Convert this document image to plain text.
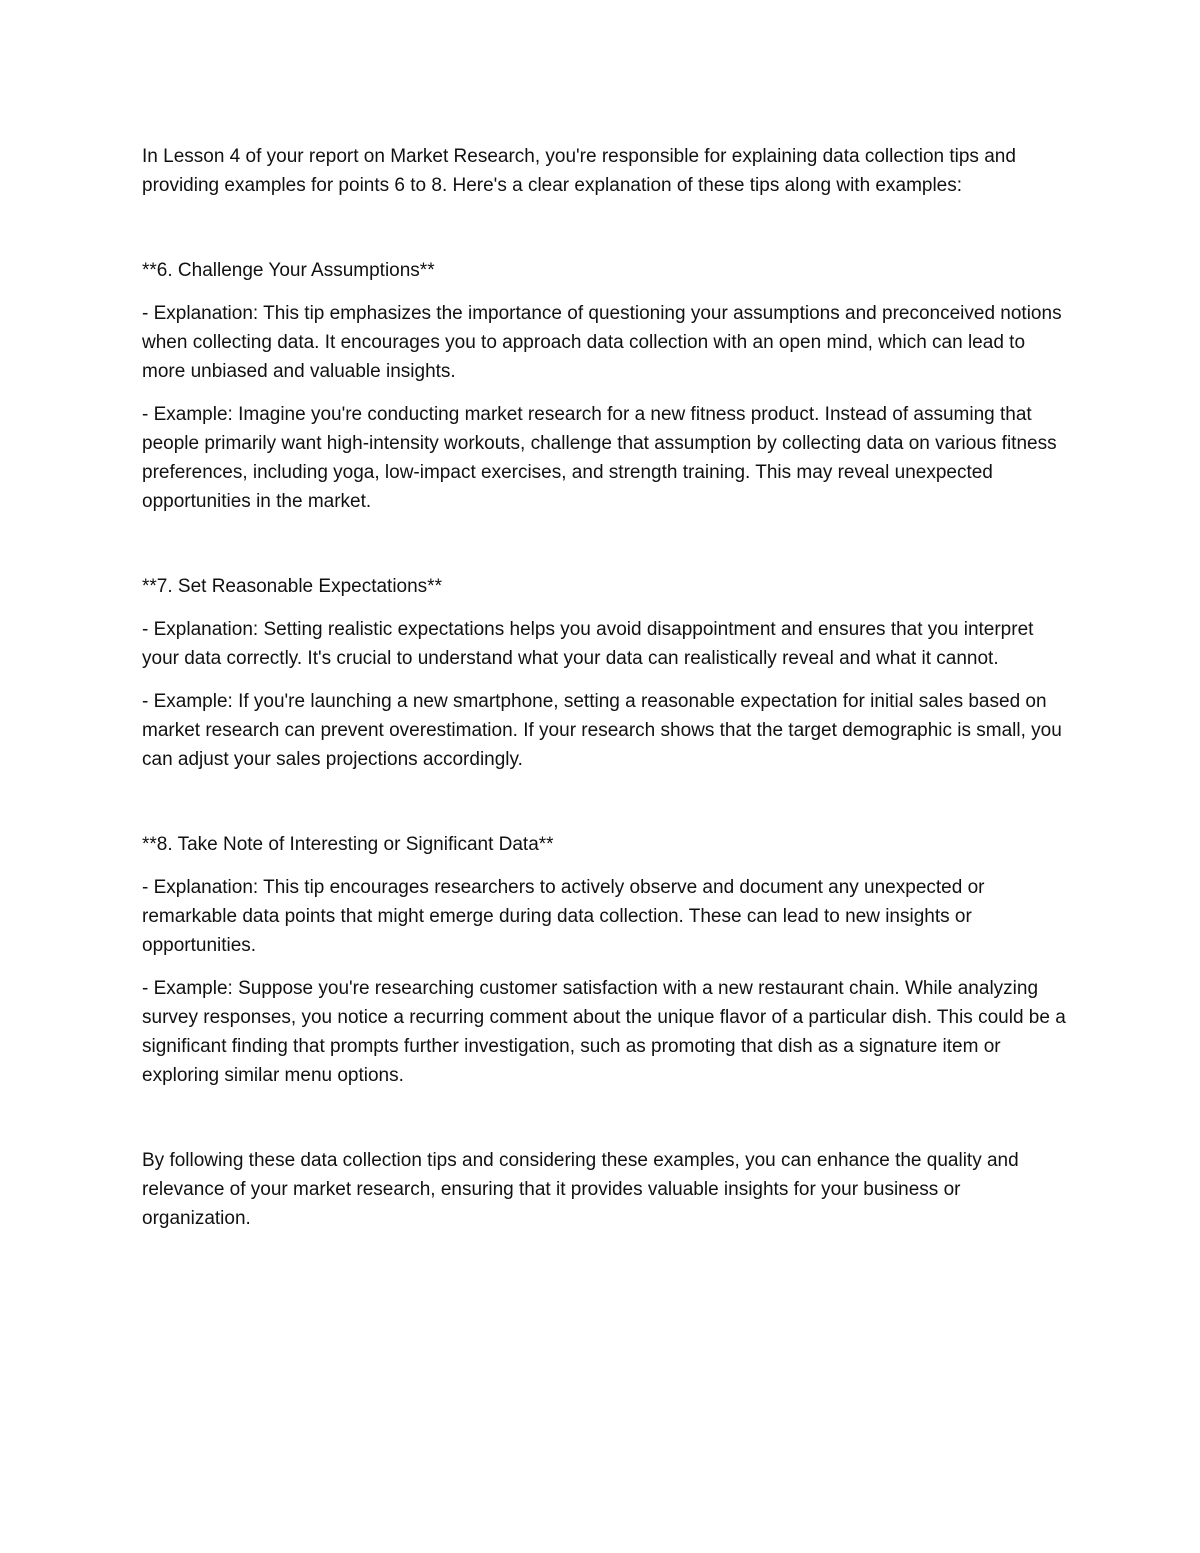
In Lesson 4 of your report on Market Research, you're responsible for explaining data collection tips and providing examples for points 6 to 8. Here's a clear explanation of these tips along with examples:

**6. Challenge Your Assumptions**

- Explanation: This tip emphasizes the importance of questioning your assumptions and preconceived notions when collecting data. It encourages you to approach data collection with an open mind, which can lead to more unbiased and valuable insights.

- Example: Imagine you're conducting market research for a new fitness product. Instead of assuming that people primarily want high-intensity workouts, challenge that assumption by collecting data on various fitness preferences, including yoga, low-impact exercises, and strength training. This may reveal unexpected opportunities in the market.

**7. Set Reasonable Expectations**

- Explanation: Setting realistic expectations helps you avoid disappointment and ensures that you interpret your data correctly. It's crucial to understand what your data can realistically reveal and what it cannot.

- Example: If you're launching a new smartphone, setting a reasonable expectation for initial sales based on market research can prevent overestimation. If your research shows that the target demographic is small, you can adjust your sales projections accordingly.

**8. Take Note of Interesting or Significant Data**

- Explanation: This tip encourages researchers to actively observe and document any unexpected or remarkable data points that might emerge during data collection. These can lead to new insights or opportunities.

- Example: Suppose you're researching customer satisfaction with a new restaurant chain. While analyzing survey responses, you notice a recurring comment about the unique flavor of a particular dish. This could be a significant finding that prompts further investigation, such as promoting that dish as a signature item or exploring similar menu options.

By following these data collection tips and considering these examples, you can enhance the quality and relevance of your market research, ensuring that it provides valuable insights for your business or organization.
